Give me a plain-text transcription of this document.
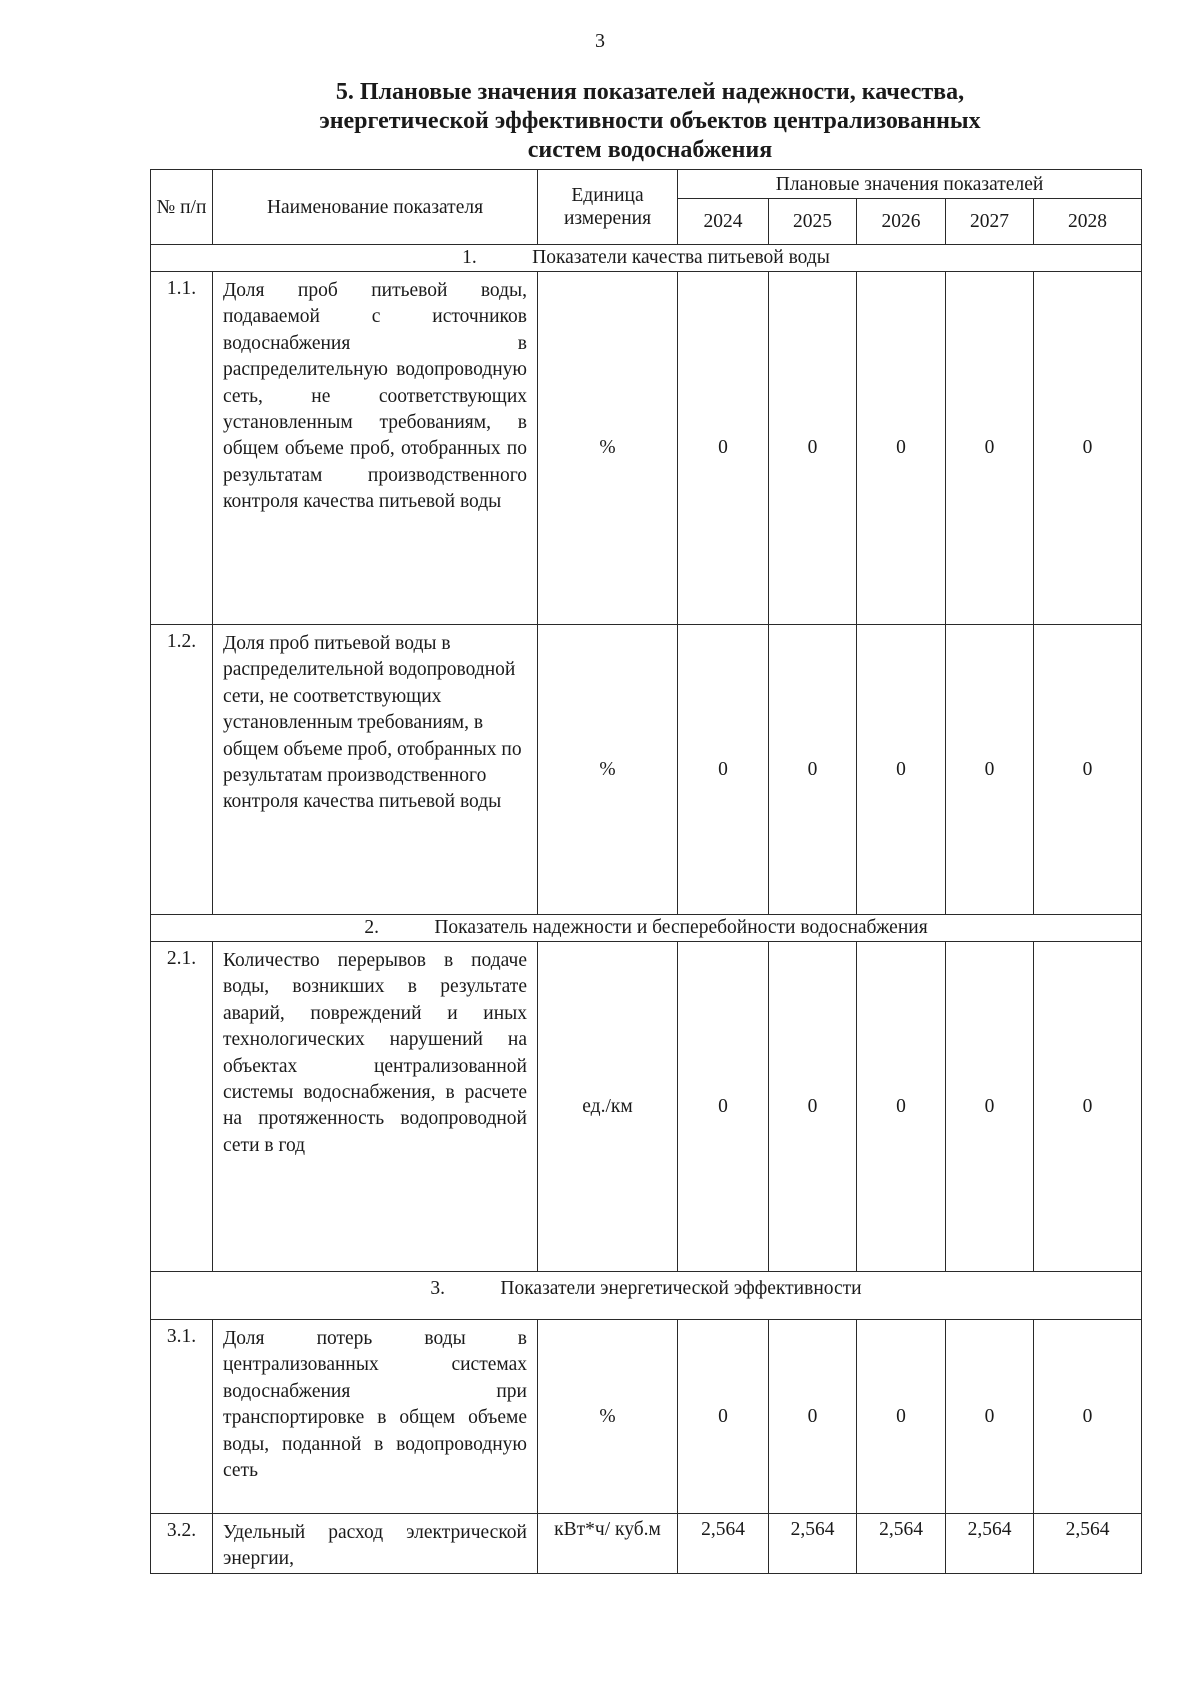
3
5. Плановые значения показателей надежности, качества,
энергетической эффективности объектов централизованных
систем водоснабжения
№ п/п	Наименование показателя	Единица измерения	Плановые значения показателей				
			2024	2025	2026	2027	2028
1. Показатели качества питьевой воды							
1.1.	Доля проб питьевой воды, подаваемой с источников водоснабжения в распределительную водопроводную сеть, не соответствующих установленным требованиям, в общем объеме проб, отобранных по результатам производственного контроля качества питьевой воды	%	0	0	0	0	0
1.2.	Доля проб питьевой воды в распределительной водопроводной сети, не соответствующих установленным требованиям, в общем объеме проб, отобранных по результатам производственного контроля качества питьевой воды	%	0	0	0	0	0
2. Показатель надежности и бесперебойности водоснабжения							
2.1.	Количество перерывов в подаче воды, возникших в результате аварий, повреждений и иных технологических нарушений на объектах централизованной системы водоснабжения, в расчете на протяженность водопроводной сети в год	ед./км	0	0	0	0	0
3. Показатели энергетической эффективности							
3.1.	Доля потерь воды в централизованных системах водоснабжения при транспортировке в общем объеме воды, поданной в водопроводную сеть	%	0	0	0	0	0
3.2.	Удельный расход электрической энергии,	кВт*ч/ куб.м	2,564	2,564	2,564	2,564	2,564
